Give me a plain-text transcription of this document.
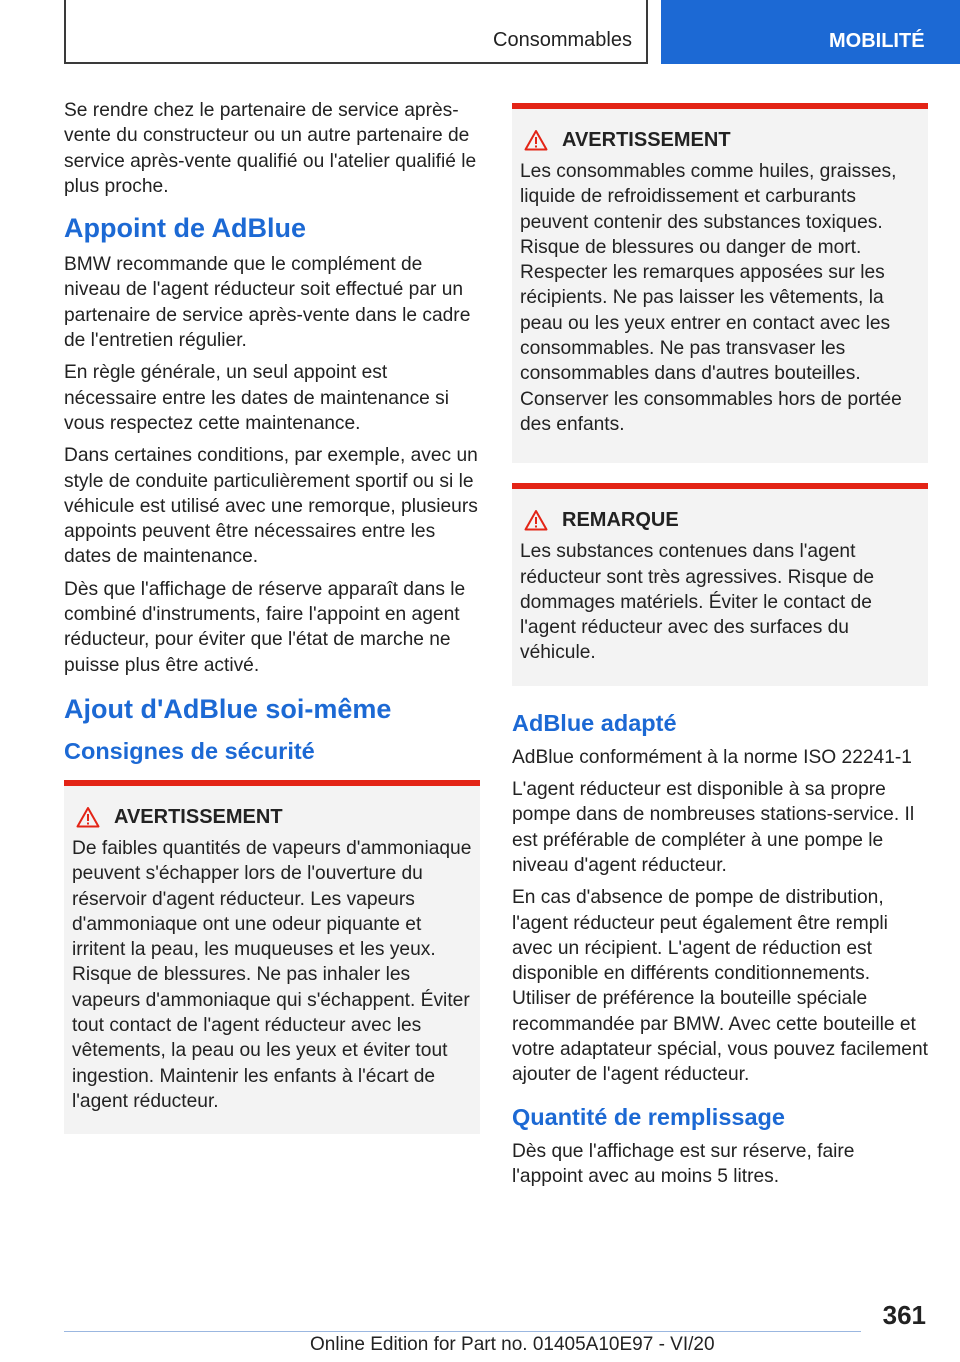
Consommables	MOBILITÉ

Se rendre chez le partenaire de service après-vente du constructeur ou un autre partenaire de service après-vente qualifié ou l'atelier qualifié le plus proche.

Appoint de AdBlue

BMW recommande que le complément de niveau de l'agent réducteur soit effectué par un partenaire de service après-vente dans le cadre de l'entretien régulier.

En règle générale, un seul appoint est nécessaire entre les dates de maintenance si vous respectez cette maintenance.

Dans certaines conditions, par exemple, avec un style de conduite particulièrement sportif ou si le véhicule est utilisé avec une remorque, plusieurs appoints peuvent être nécessaires entre les dates de maintenance.

Dès que l'affichage de réserve apparaît dans le combiné d'instruments, faire l'appoint en agent réducteur, pour éviter que l'état de marche ne puisse plus être activé.

Ajout d'AdBlue soi-même
Consignes de sécurité
AVERTISSEMENT

De faibles quantités de vapeurs d'ammoniaque peuvent s'échapper lors de l'ouverture du réservoir d'agent réducteur. Les vapeurs d'ammoniaque ont une odeur piquante et irritent la peau, les muqueuses et les yeux. Risque de blessures. Ne pas inhaler les vapeurs d'ammoniaque qui s'échappent. Éviter tout contact de l'agent réducteur avec les vêtements, la peau ou les yeux et éviter tout ingestion. Maintenir les enfants à l'écart de l'agent réducteur.

AVERTISSEMENT

Les consommables comme huiles, graisses, liquide de refroidissement et carburants peuvent contenir des substances toxiques. Risque de blessures ou danger de mort. Respecter les remarques apposées sur les récipients. Ne pas laisser les vêtements, la peau ou les yeux entrer en contact avec les consommables. Ne pas transvaser les consommables dans d'autres bouteilles. Conserver les consommables hors de portée des enfants.

REMARQUE

Les substances contenues dans l'agent réducteur sont très agressives. Risque de dommages matériels. Éviter le contact de l'agent réducteur avec des surfaces du véhicule.

AdBlue adapté

AdBlue conformément à la norme ISO 22241-1

L'agent réducteur est disponible à sa propre pompe dans de nombreuses stations-service. Il est préférable de compléter à une pompe le niveau d'agent réducteur.

En cas d'absence de pompe de distribution, l'agent réducteur peut également être rempli avec un récipient. L'agent de réduction est disponible en différents conditionnements. Utiliser de préférence la bouteille spéciale recommandée par BMW. Avec cette bouteille et votre adaptateur spécial, vous pouvez facilement ajouter de l'agent réducteur.

Quantité de remplissage

Dès que l'affichage est sur réserve, faire l'appoint avec au moins 5 litres.

361
Online Edition for Part no. 01405A10E97 - VI/20
